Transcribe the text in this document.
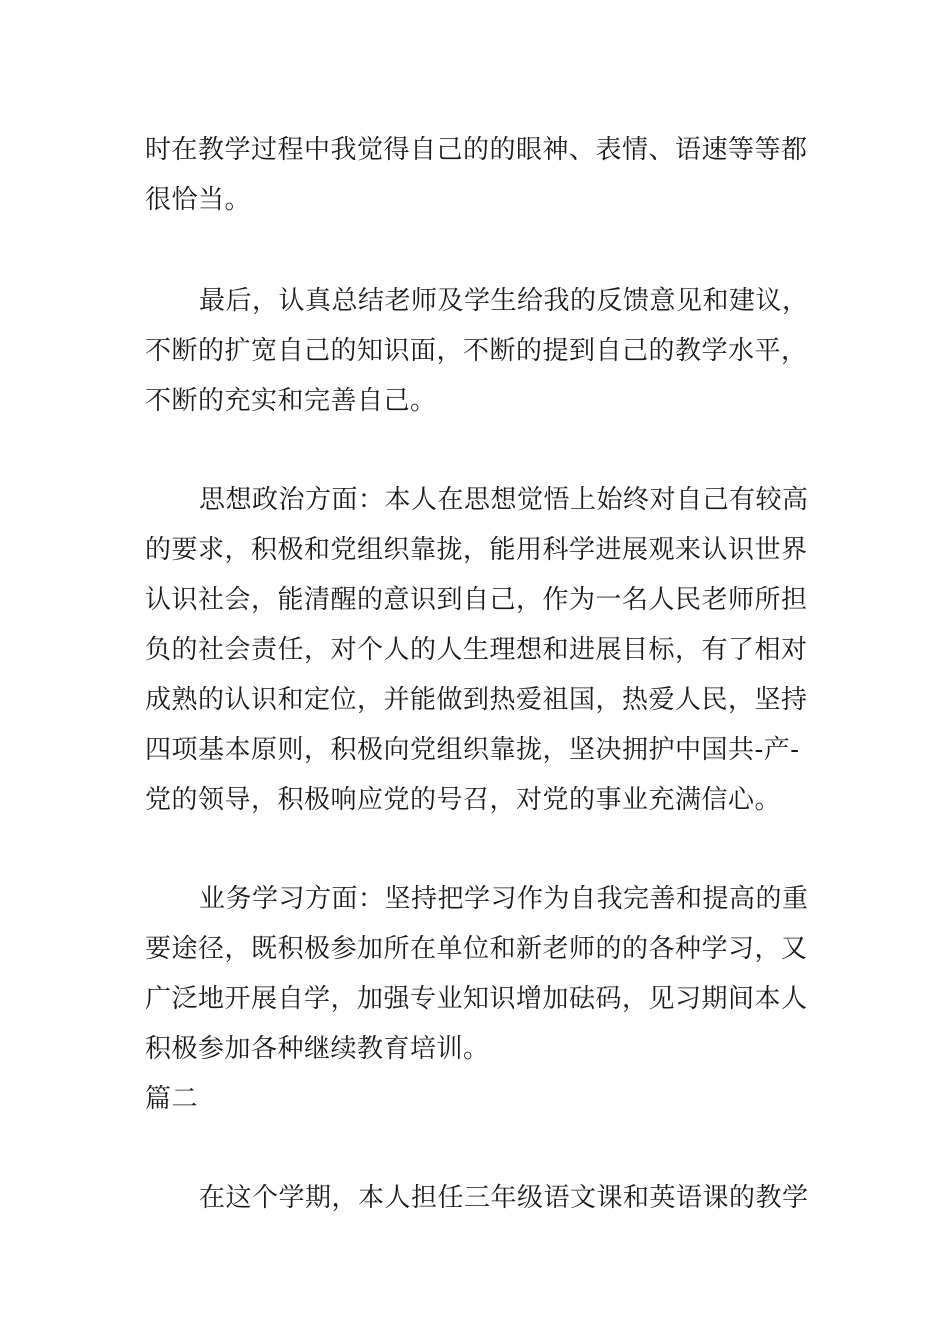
时在教学过程中我觉得自己的的眼神、表情、语速等等都
很恰当。
最后，认真总结老师及学生给我的反馈意见和建议，
不断的扩宽自己的知识面，不断的提到自己的教学水平，
不断的充实和完善自己。
思想政治方面：本人在思想觉悟上始终对自己有较高
的要求，积极和党组织靠拢，能用科学进展观来认识世界
认识社会，能清醒的意识到自己，作为一名人民老师所担
负的社会责任，对个人的人生理想和进展目标，有了相对
成熟的认识和定位，并能做到热爱祖国，热爱人民，坚持
四项基本原则，积极向党组织靠拢，坚决拥护中国共-产-
党的领导，积极响应党的号召，对党的事业充满信心。
业务学习方面：坚持把学习作为自我完善和提高的重
要途径，既积极参加所在单位和新老师的的各种学习，又
广泛地开展自学，加强专业知识增加砝码，见习期间本人
积极参加各种继续教育培训。
篇二
在这个学期，本人担任三年级语文课和英语课的教学
